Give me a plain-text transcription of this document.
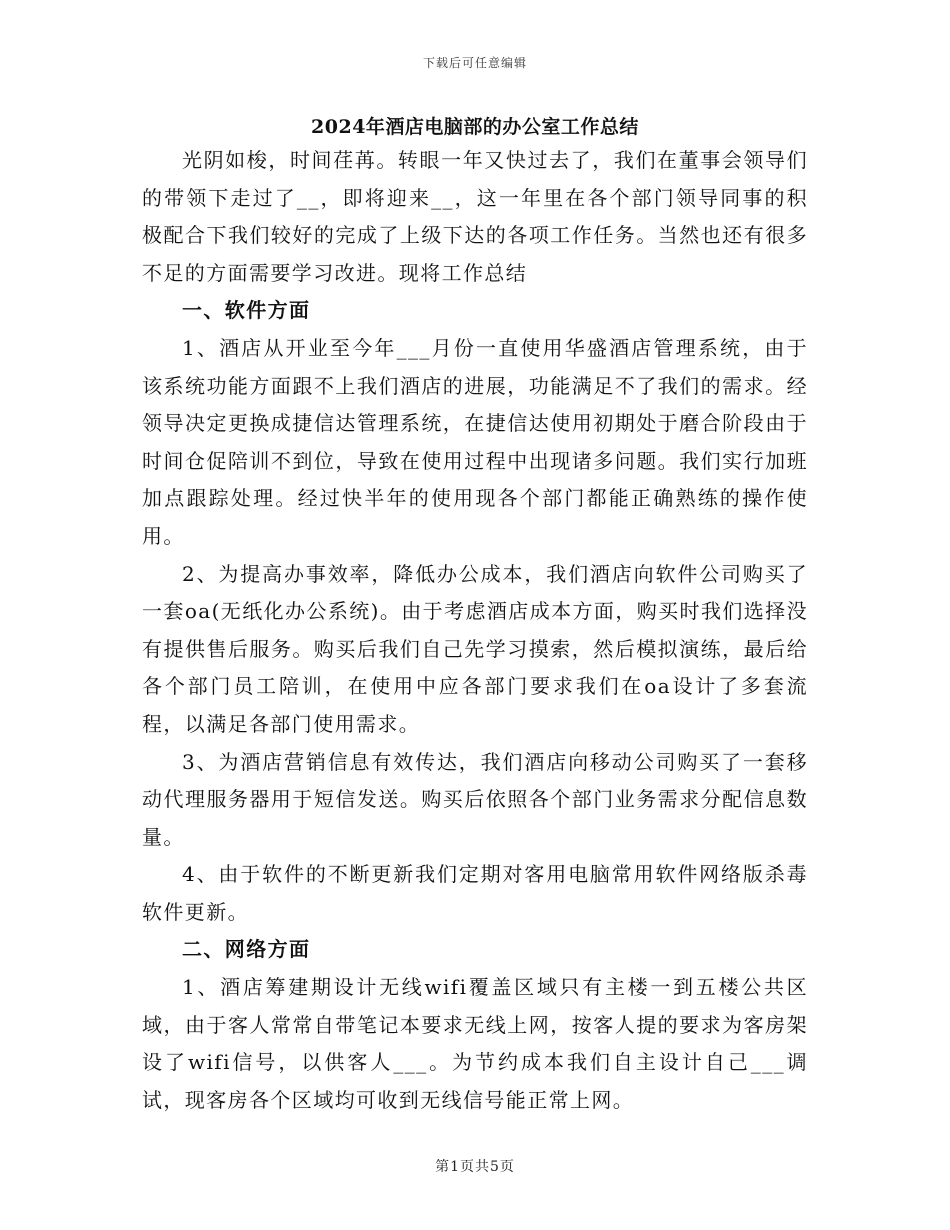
下载后可任意编辑
2024年酒店电脑部的办公室工作总结

光阴如梭，时间荏苒。转眼一年又快过去了，我们在董事会领导们的带领下走过了__，即将迎来__，这一年里在各个部门领导同事的积极配合下我们较好的完成了上级下达的各项工作任务。当然也还有很多不足的方面需要学习改进。现将工作总结

一、软件方面

1、酒店从开业至今年___月份一直使用华盛酒店管理系统，由于该系统功能方面跟不上我们酒店的进展，功能满足不了我们的需求。经领导决定更换成捷信达管理系统，在捷信达使用初期处于磨合阶段由于时间仓促陪训不到位，导致在使用过程中出现诸多问题。我们实行加班加点跟踪处理。经过快半年的使用现各个部门都能正确熟练的操作使用。

2、为提高办事效率，降低办公成本，我们酒店向软件公司购买了一套oa(无纸化办公系统)。由于考虑酒店成本方面，购买时我们选择没有提供售后服务。购买后我们自己先学习摸索，然后模拟演练，最后给各个部门员工陪训，在使用中应各部门要求我们在oa设计了多套流程，以满足各部门使用需求。

3、为酒店营销信息有效传达，我们酒店向移动公司购买了一套移动代理服务器用于短信发送。购买后依照各个部门业务需求分配信息数量。

4、由于软件的不断更新我们定期对客用电脑常用软件网络版杀毒软件更新。

二、网络方面

1、酒店筹建期设计无线wifi覆盖区域只有主楼一到五楼公共区域，由于客人常常自带笔记本要求无线上网，按客人提的要求为客房架设了wifi信号，以供客人___。为节约成本我们自主设计自己___调试，现客房各个区域均可收到无线信号能正常上网。

第1页共5页
